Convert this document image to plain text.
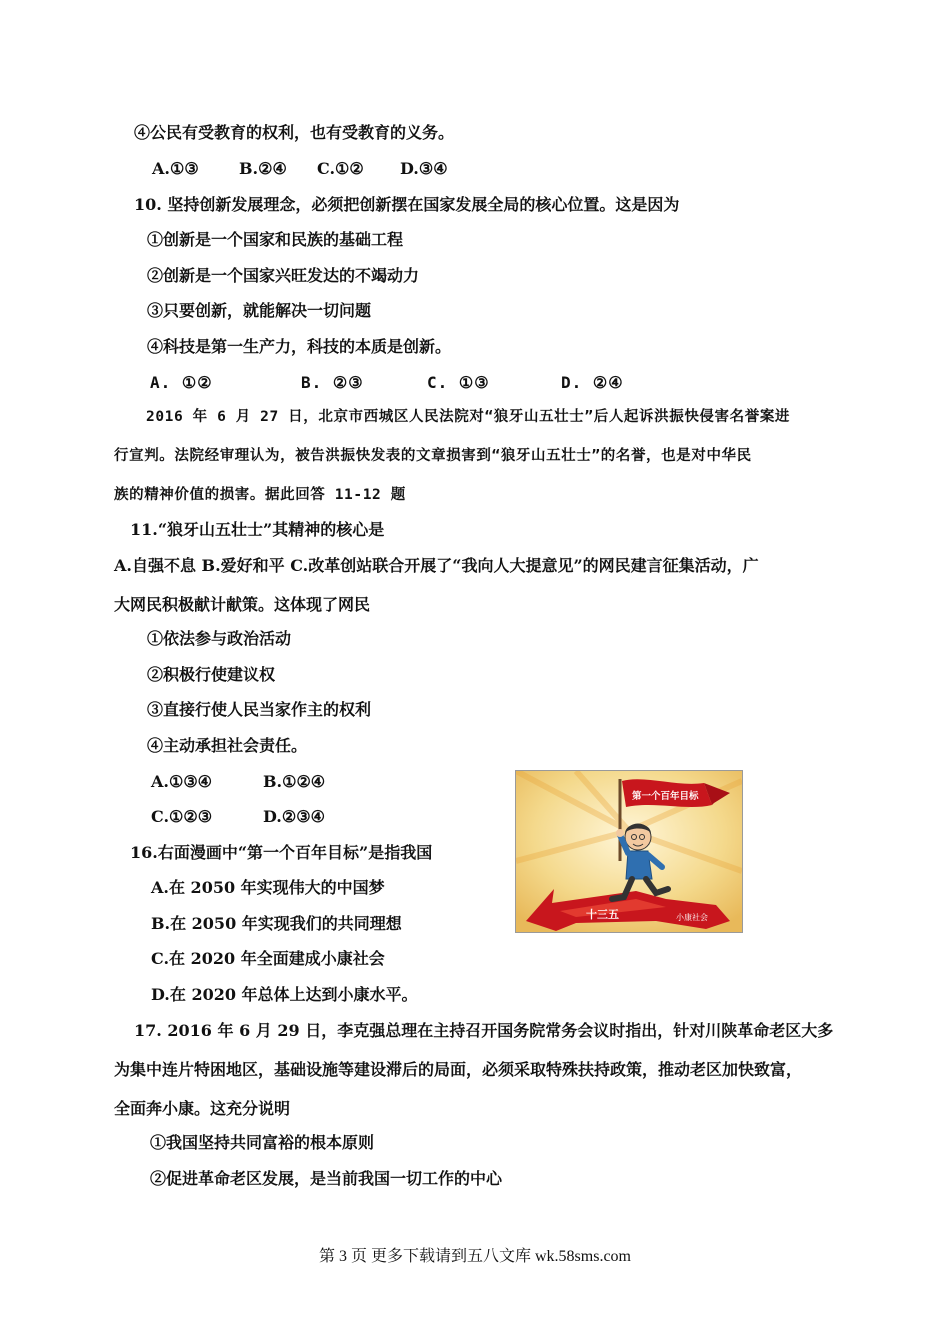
④公民有受教育的权利，也有受教育的义务。
A.①③	B.②④ C.①② D.③④
10. 坚持创新发展理念，必须把创新摆在国家发展全局的核心位置。这是因为
①创新是一个国家和民族的基础工程
②创新是一个国家兴旺发达的不竭动力
③只要创新，就能解决一切问题
④科技是第一生产力，科技的本质是创新。
A. ①②	B. ②③	C. ①③	D. ②④
2016 年 6 月 27 日，北京市西城区人民法院对“狼牙山五壮士”后人起诉洪振快侵害名誉案进
行宣判。法院经审理认为，被告洪振快发表的文章损害到“狼牙山五壮士”的名誉，也是对中华民
族的精神价值的损害。据此回答 11-12 题
11.“狼牙山五壮士”其精神的核心是
A.自强不息 B.爱好和平 C.改革创站联合开展了“我向人大提意见”的网民建言征集活动，广
大网民积极献计献策。这体现了网民
①依法参与政治活动
②积极行使建议权
③直接行使人民当家作主的权利
④主动承担社会责任。
A.①③④	B.①②④
C.①②③	D.②③④
十三五	小康社会
第一个百年目标
16.右面漫画中“第一个百年目标”是指我国
A.在 2050 年实现伟大的中国梦
B.在 2050 年实现我们的共同理想
C.在 2020 年全面建成小康社会
D.在 2020 年总体上达到小康水平。
17. 2016 年 6 月 29 日，李克强总理在主持召开国务院常务会议时指出，针对川陕革命老区大多
为集中连片特困地区，基础设施等建设滞后的局面，必须采取特殊扶持政策，推动老区加快致富，
全面奔小康。这充分说明
①我国坚持共同富裕的根本原则
②促进革命老区发展，是当前我国一切工作的中心
第 3 页 更多下载请到五八文库 wk.58sms.com
